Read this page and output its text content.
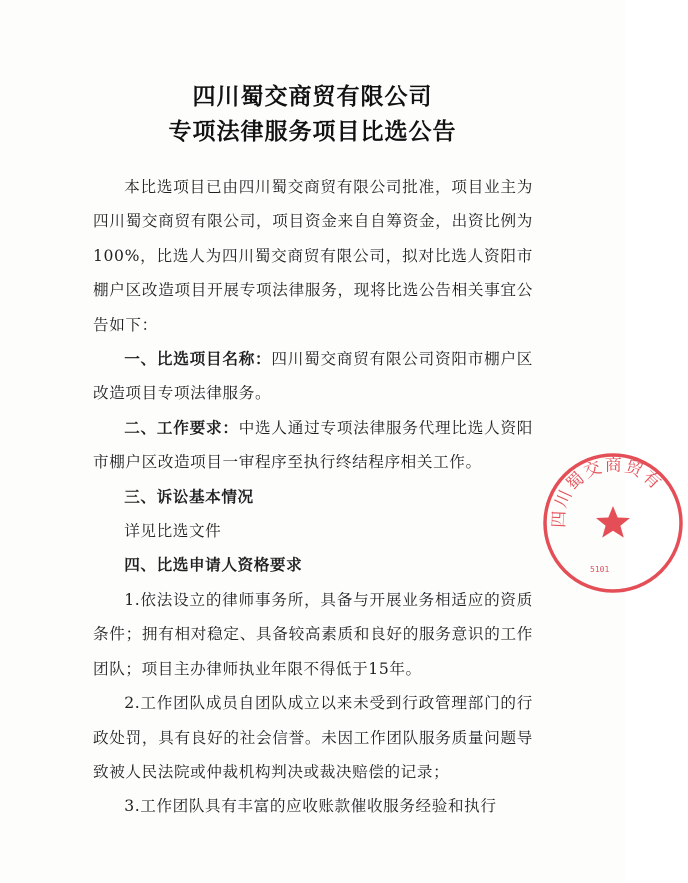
四川蜀交商贸有限公司
专项法律服务项目比选公告

本比选项目已由四川蜀交商贸有限公司批准，项目业主为四川蜀交商贸有限公司，项目资金来自自筹资金，出资比例为100%，比选人为四川蜀交商贸有限公司，拟对比选人资阳市棚户区改造项目开展专项法律服务，现将比选公告相关事宜公告如下：

一、比选项目名称：四川蜀交商贸有限公司资阳市棚户区改造项目专项法律服务。

二、工作要求：中选人通过专项法律服务代理比选人资阳市棚户区改造项目一审程序至执行终结程序相关工作。

三、诉讼基本情况

详见比选文件

四、比选申请人资格要求

1.依法设立的律师事务所，具备与开展业务相适应的资质条件；拥有相对稳定、具备较高素质和良好的服务意识的工作团队；项目主办律师执业年限不得低于15年。

2.工作团队成员自团队成立以来未受到行政管理部门的行政处罚，具有良好的社会信誉。未因工作团队服务质量问题导致被人民法院或仲裁机构判决或裁决赔偿的记录；

3.工作团队具有丰富的应收账款催收服务经验和执行

四川蜀交商贸有
5101
